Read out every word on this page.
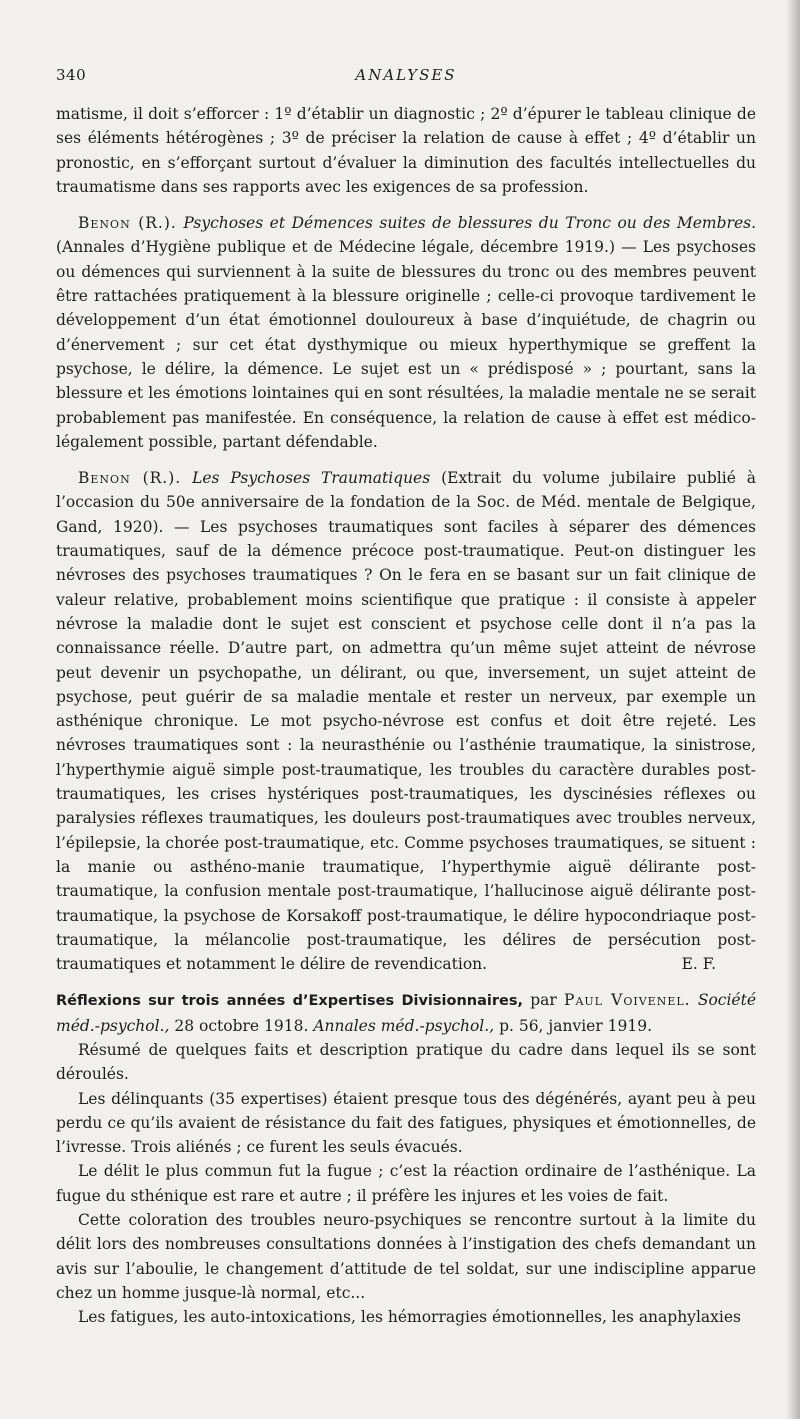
340	ANALYSES

matisme, il doit s’efforcer : 1º d’établir un diagnostic ; 2º d’épurer le tableau clinique de ses éléments hétérogènes ; 3º de préciser la relation de cause à effet ; 4º d’établir un pronostic, en s’efforçant surtout d’évaluer la diminution des facultés intellectuelles du traumatisme dans ses rapports avec les exigences de sa profession.

Benon (R.). Psychoses et Démences suites de blessures du Tronc ou des Membres.(Annales d’Hygiène publique et de Médecine légale, décembre 1919.) — Les psychoses ou démences qui surviennent à la suite de blessures du tronc ou des membres peuvent être rattachées pratiquement à la blessure originelle ; celle-ci provoque tardivement le développement d’un état émotionnel douloureux à base d’inquiétude, de chagrin ou d’énervement ; sur cet état dysthymique ou mieux hyperthymique se greffent la psychose, le délire, la démence. Le sujet est un « prédisposé » ; pourtant, sans la blessure et les émotions lointaines qui en sont résultées, la maladie mentale ne se serait probablement pas manifestée. En conséquence, la relation de cause à effet est médico-légalement possible, partant défendable.

Benon (R.). Les Psychoses Traumatiques (Extrait du volume jubilaire publié à l’occasion du 50e anniversaire de la fondation de la Soc. de Méd. mentale de Belgique, Gand, 1920). — Les psychoses traumatiques sont faciles à séparer des démences traumatiques, sauf de la démence précoce post-traumatique. Peut-on distinguer les névroses des psychoses traumatiques ? On le fera en se basant sur un fait clinique de valeur relative, probablement moins scientifique que pratique : il consiste à appeler névrose la maladie dont le sujet est conscient et psychose celle dont il n’a pas la connaissance réelle. D’autre part, on admettra qu’un même sujet atteint de névrose peut devenir un psychopathe, un délirant, ou que, inversement, un sujet atteint de psychose, peut guérir de sa maladie mentale et rester un nerveux, par exemple un asthénique chronique. Le mot psycho-névrose est confus et doit être rejeté. Les névroses traumatiques sont : la neurasthénie ou l’asthénie traumatique, la sinistrose, l’hyperthymie aiguë simple post-traumatique, les troubles du caractère durables post-traumatiques, les crises hystériques post-traumatiques, les dyscinésies réflexes ou paralysies réflexes traumatiques, les douleurs post-traumatiques avec troubles nerveux, l’épilepsie, la chorée post-traumatique, etc. Comme psychoses traumatiques, se situent : la manie ou asthéno-manie traumatique, l’hyperthymie aiguë délirante post-traumatique, la confusion mentale post-traumatique, l’hallucinose aiguë délirante post-traumatique, la psychose de Korsakoff post-traumatique, le délire hypocondriaque post-traumatique, la mélancolie post-traumatique, les délires de persécution post-traumatiques et notamment le délire de revendication.	E. F.

Réflexions sur trois années d’Expertises Divisionnaires, par Paul Voivenel. Société méd.-psychol., 28 octobre 1918. Annales méd.-psychol., p. 56, janvier 1919.

Résumé de quelques faits et description pratique du cadre dans lequel ils se sont déroulés.

Les délinquants (35 expertises) étaient presque tous des dégénérés, ayant peu à peu perdu ce qu’ils avaient de résistance du fait des fatigues, physiques et émotionnelles, de l’ivresse. Trois aliénés ; ce furent les seuls évacués.

Le délit le plus commun fut la fugue ; c’est la réaction ordinaire de l’asthénique. La fugue du sthénique est rare et autre ; il préfère les injures et les voies de fait.

Cette coloration des troubles neuro-psychiques se rencontre surtout à la limite du délit lors des nombreuses consultations données à l’instigation des chefs demandant un avis sur l’aboulie, le changement d’attitude de tel soldat, sur une indiscipline apparue chez un homme jusque-là normal, etc...

Les fatigues, les auto-intoxications, les hémorragies émotionnelles, les anaphylaxies
